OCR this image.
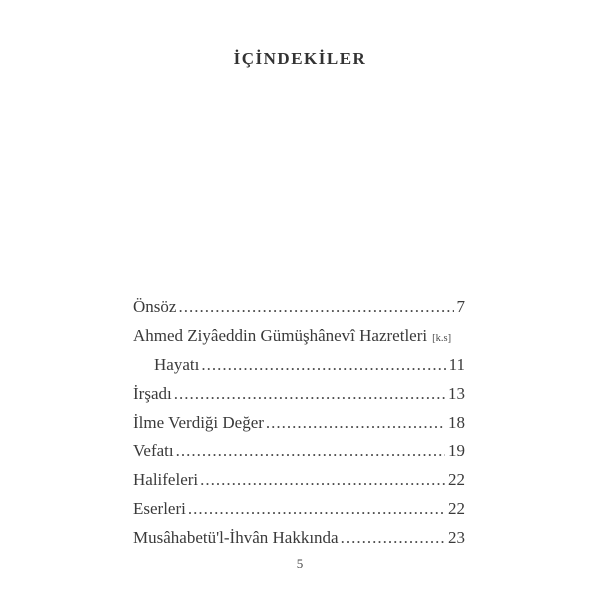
İÇİNDEKİLER
Önsöz .....	7
Ahmed Ziyâeddin Gümüşhânevî Hazretleri [k.s]
Hayatı .....	11
İrşadı .....	13
İlme Verdiği Değer .....	18
Vefatı .....	19
Halifeleri .....	22
Eserleri .....	22
Musâhabetü'l-İhvân Hakkında .....	23
5
